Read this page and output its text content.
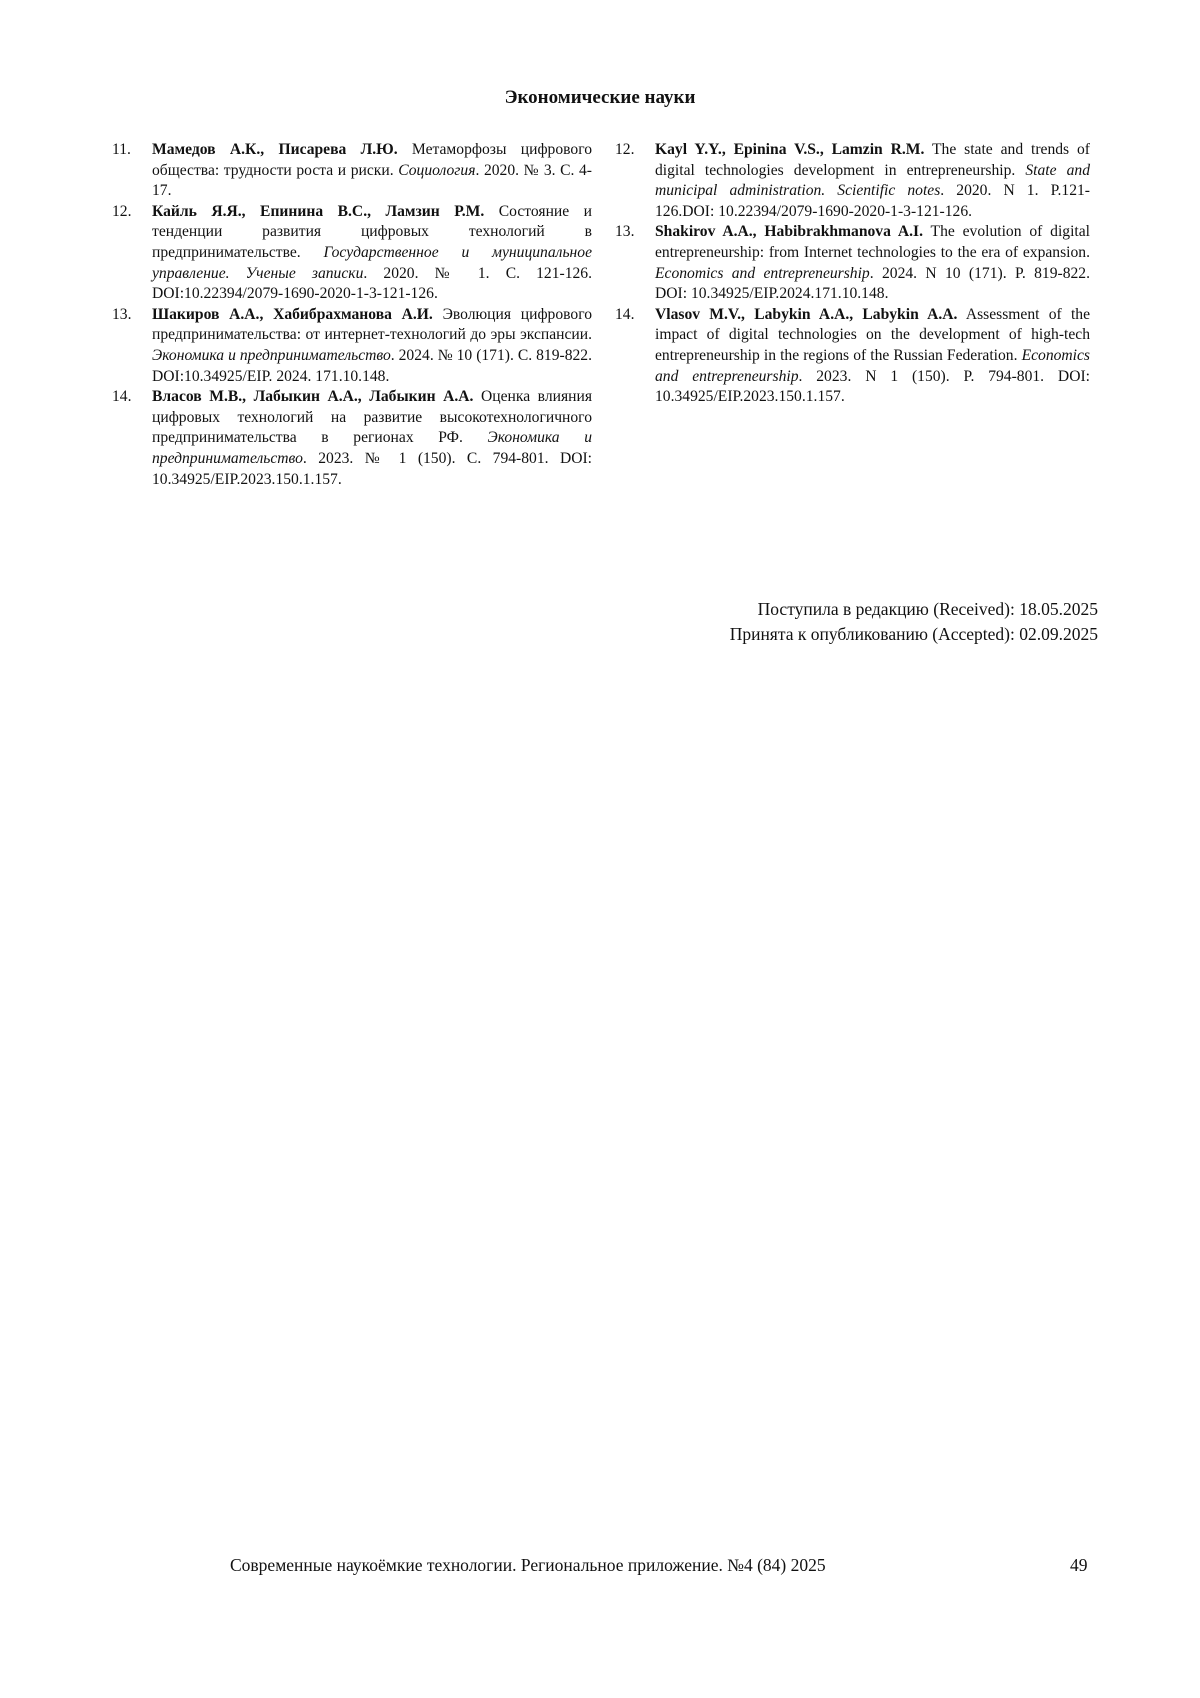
Экономические науки
11. Мамедов А.К., Писарева Л.Ю. Метаморфозы цифрового общества: трудности роста и риски. Социология. 2020. № 3. С. 4-17.
12. Кайль Я.Я., Епинина В.С., Ламзин Р.М. Состояние и тенденции развития цифровых технологий в предпринимательстве. Государственное и муниципальное управление. Ученые записки. 2020. № 1. С. 121-126. DOI:10.22394/2079-1690-2020-1-3-121-126.
13. Шакиров А.А., Хабибрахманова А.И. Эволюция цифрового предпринимательства: от интернет-технологий до эры экспансии. Экономика и предпринимательство. 2024. № 10 (171). С. 819-822. DOI:10.34925/EIP. 2024. 171.10.148.
14. Власов М.В., Лабыкин А.А., Лабыкин А.А. Оценка влияния цифровых технологий на развитие высокотехнологичного предпринимательства в регионах РФ. Экономика и предпринимательство. 2023. № 1 (150). С. 794-801. DOI: 10.34925/EIP.2023.150.1.157.
12. Kayl Y.Y., Epinina V.S., Lamzin R.M. The state and trends of digital technologies development in entrepreneurship. State and municipal administration. Scientific notes. 2020. N 1. P.121-126.DOI: 10.22394/2079-1690-2020-1-3-121-126.
13. Shakirov A.A., Habibrakhmanova A.I. The evolution of digital entrepreneurship: from Internet technologies to the era of expansion. Economics and entrepreneurship. 2024. N 10 (171). P. 819-822. DOI: 10.34925/EIP.2024.171.10.148.
14. Vlasov M.V., Labykin A.A., Labykin A.A. Assessment of the impact of digital technologies on the development of high-tech entrepreneurship in the regions of the Russian Federation. Economics and entrepreneurship. 2023. N 1 (150). P. 794-801. DOI: 10.34925/EIP.2023.150.1.157.
Поступила в редакцию (Received): 18.05.2025
Принята к опубликованию (Accepted): 02.09.2025
Современные наукоёмкие технологии. Региональное приложение. №4 (84) 2025	49
